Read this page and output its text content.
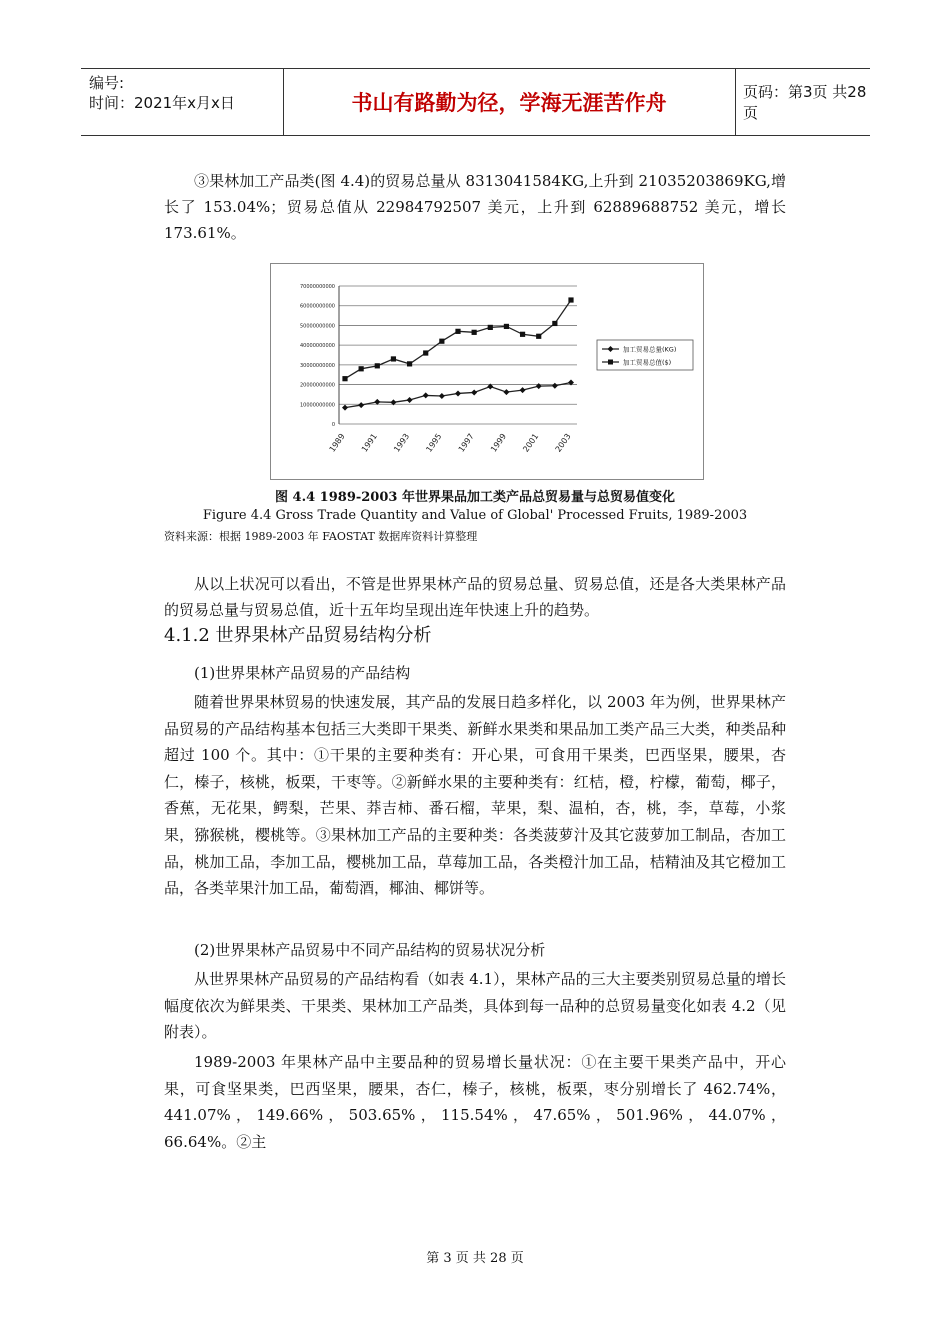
编号:
时间：2021年x月x日	书山有路勤为径，学海无涯苦作舟	页码：第3页 共28页
③果林加工产品类(图 4.4)的贸易总量从 8313041584KG,上升到 21035203869KG,增长了 153.04%；贸易总值从 22984792507 美元，上升到 62889688752 美元，增长173.61%。
0
10000000000
20000000000
30000000000
40000000000
50000000000
60000000000
70000000000
1989 1991 1993 1995 1997 1999 2001 2003
加工贸易总量(KG)
加工贸易总值($)
图 4.4 1989-2003 年世界果品加工类产品总贸易量与总贸易值变化
Figure 4.4 Gross Trade Quantity and Value of Global' Processed Fruits, 1989-2003
资料来源：根据 1989-2003 年 FAOSTAT 数据库资料计算整理
从以上状况可以看出，不管是世界果林产品的贸易总量、贸易总值，还是各大类果林产品的贸易总量与贸易总值，近十五年均呈现出连年快速上升的趋势。
4.1.2 世界果林产品贸易结构分析
(1)世界果林产品贸易的产品结构
随着世界果林贸易的快速发展，其产品的发展日趋多样化，以 2003 年为例，世界果林产品贸易的产品结构基本包括三大类即干果类、新鲜水果类和果品加工类产品三大类，种类品种超过 100 个。其中：①干果的主要种类有：开心果，可食用干果类，巴西坚果，腰果，杏仁，榛子，核桃，板栗，干枣等。②新鲜水果的主要种类有：红桔，橙，柠檬，葡萄，椰子，香蕉，无花果，鳄梨，芒果、莽吉柿、番石榴，苹果，梨、温柏，杏，桃，李，草莓，小浆果，猕猴桃，樱桃等。③果林加工产品的主要种类：各类菠萝汁及其它菠萝加工制品，杏加工品，桃加工品，李加工品，樱桃加工品，草莓加工品，各类橙汁加工品，桔精油及其它橙加工品，各类苹果汁加工品，葡萄酒，椰油、椰饼等。
(2)世界果林产品贸易中不同产品结构的贸易状况分析
从世界果林产品贸易的产品结构看（如表 4.1），果林产品的三大主要类别贸易总量的增长幅度依次为鲜果类、干果类、果林加工产品类，具体到每一品种的总贸易量变化如表 4.2（见附表）。
1989-2003 年果林产品中主要品种的贸易增长量状况：①在主要干果类产品中，开心果，可食坚果类，巴西坚果，腰果，杏仁，榛子，核桃，板栗，枣分别增长了 462.74%，441.07%，149.66%，503.65%，115.54%，47.65%，501.96%，44.07%，66.64%。②主
第 3 页 共 28 页
